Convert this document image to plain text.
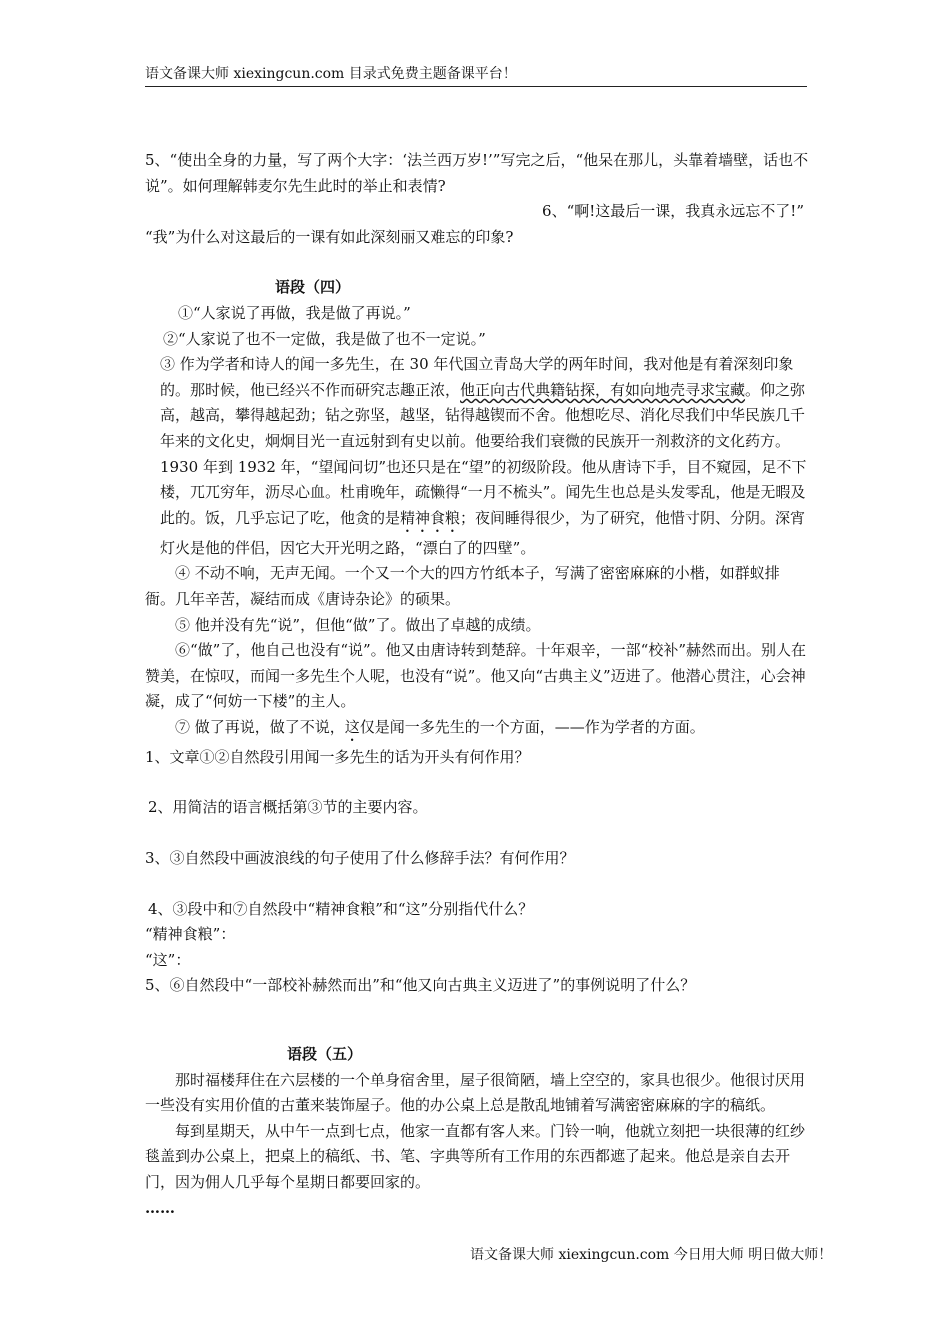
语文备课大师 xiexingcun.com 目录式免费主题备课平台！

5、“使出全身的力量，写了两个大字：‘法兰西万岁!’”写完之后，“他呆在那儿，头靠着墙壁，话也不说”。如何理解韩麦尔先生此时的举止和表情?

6、“啊!这最后一课，我真永远忘不了!”

“我”为什么对这最后的一课有如此深刻丽又难忘的印象?

语段（四）

①“人家说了再做，我是做了再说。”

②“人家说了也不一定做，我是做了也不一定说。”

③ 作为学者和诗人的闻一多先生，在 30 年代国立青岛大学的两年时间，我对他是有着深刻印象的。那时候，他已经兴不作而研究志趣正浓，他正向古代典籍钻探，有如向地壳寻求宝藏。仰之弥高，越高，攀得越起劲；钻之弥坚，越坚，钻得越锲而不舍。他想吃尽、消化尽我们中华民族几千年来的文化史，炯炯目光一直远射到有史以前。他要给我们衰微的民族开一剂救济的文化药方。1930 年到 1932 年，“望闻问切”也还只是在“望”的初级阶段。他从唐诗下手，目不窥园，足不下楼，兀兀穷年，沥尽心血。杜甫晚年，疏懒得“一月不梳头”。闻先生也总是头发零乱，他是无暇及此的。饭，几乎忘记了吃，他贪的是精神食粮；夜间睡得很少，为了研究，他惜寸阴、分阴。深宵灯火是他的伴侣，因它大开光明之路，“漂白了的四壁”。

④ 不动不响，无声无闻。一个又一个大的四方竹纸本子，写满了密密麻麻的小楷，如群蚁排衙。几年辛苦，凝结而成《唐诗杂论》的硕果。

⑤ 他并没有先“说”，但他“做”了。做出了卓越的成绩。

⑥“做”了，他自己也没有“说”。他又由唐诗转到楚辞。十年艰辛，一部“校补”赫然而出。别人在赞美，在惊叹，而闻一多先生个人呢，也没有“说”。他又向“古典主义”迈进了。他潜心贯注，心会神凝，成了“何妨一下楼”的主人。

⑦ 做了再说，做了不说，这仅是闻一多先生的一个方面，——作为学者的方面。

1、文章①②自然段引用闻一多先生的话为开头有何作用？

2、用简洁的语言概括第③节的主要内容。

3、③自然段中画波浪线的句子使用了什么修辞手法？有何作用？

4、③段中和⑦自然段中“精神食粮”和“这”分别指代什么？

“精神食粮”：

“这”：

5、⑥自然段中“一部校补赫然而出”和“他又向古典主义迈进了”的事例说明了什么？

语段（五）

那时福楼拜住在六层楼的一个单身宿舍里，屋子很简陋，墙上空空的，家具也很少。他很讨厌用一些没有实用价值的古董来装饰屋子。他的办公桌上总是散乱地铺着写满密密麻麻的字的稿纸。

每到星期天，从中午一点到七点，他家一直都有客人来。门铃一响，他就立刻把一块很薄的红纱毯盖到办公桌上，把桌上的稿纸、书、笔、字典等所有工作用的东西都遮了起来。他总是亲自去开门，因为佣人几乎每个星期日都要回家的。

……

语文备课大师 xiexingcun.com 今日用大师 明日做大师！
